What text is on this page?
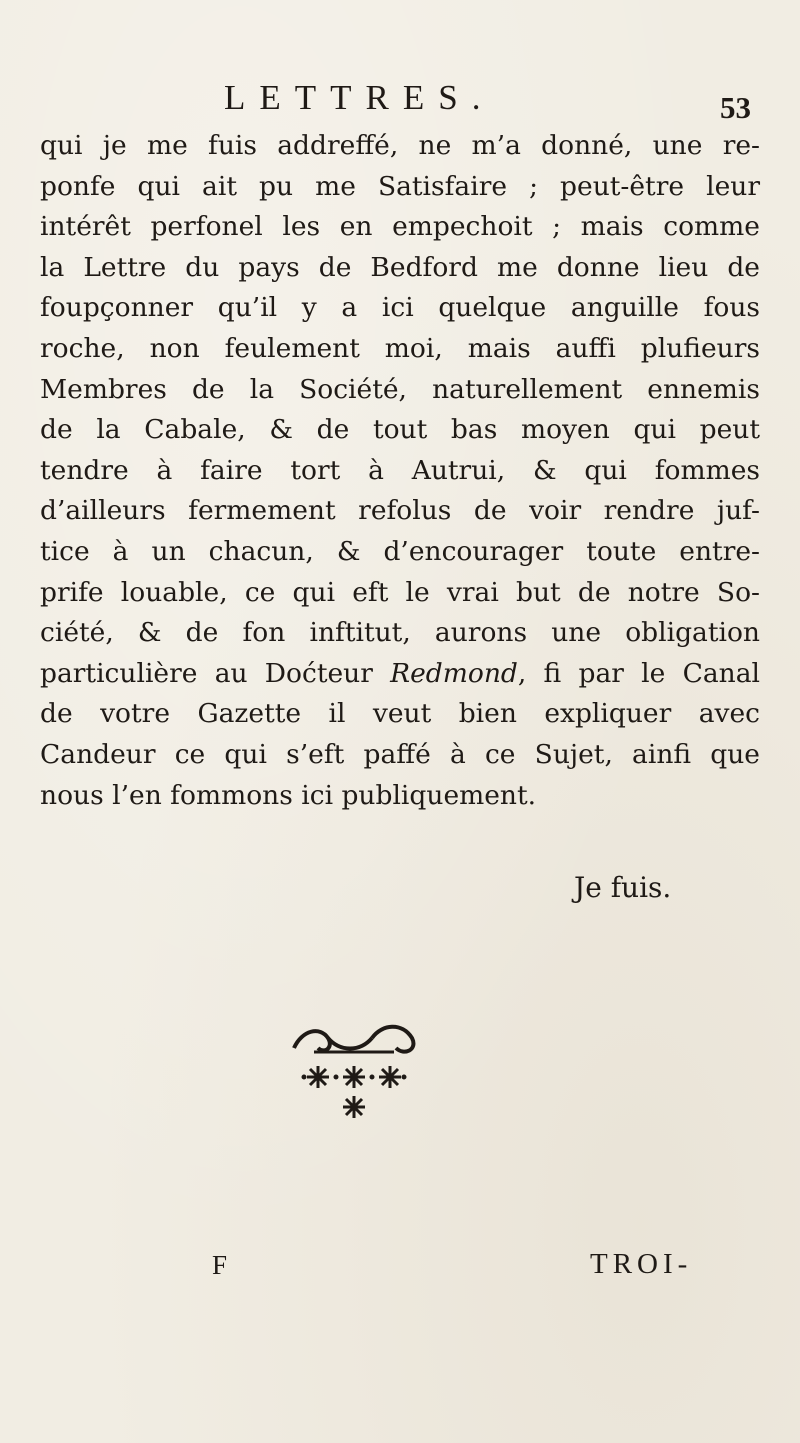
LETTRES.	53
qui je me fuis addreffé, ne m’a donné, une re-
ponfe qui ait pu me Satisfaire ; peut-être leur
intérêt perfonel les en empechoit ; mais comme
la Lettre du pays de Bedford me donne lieu de
foupçonner qu’il y a ici quelque anguille fous
roche, non feulement moi, mais auffi plufieurs
Membres de la Société, naturellement ennemis
de la Cabale, & de tout bas moyen qui peut
tendre à faire tort à Autrui, & qui fommes
d’ailleurs fermement refolus de voir rendre juf-
tice à un chacun, & d’encourager toute entre-
prife louable, ce qui eft le vrai but de notre So-
ciété, & de fon inftitut, aurons une obligation
particulière au Doćteur Redmond, fi par le Canal
de votre Gazette il veut bien expliquer avec
Candeur ce qui s’eft paffé à ce Sujet, ainfi que
nous l’en fommons ici publiquement.
Je fuis.
F	TROI-
